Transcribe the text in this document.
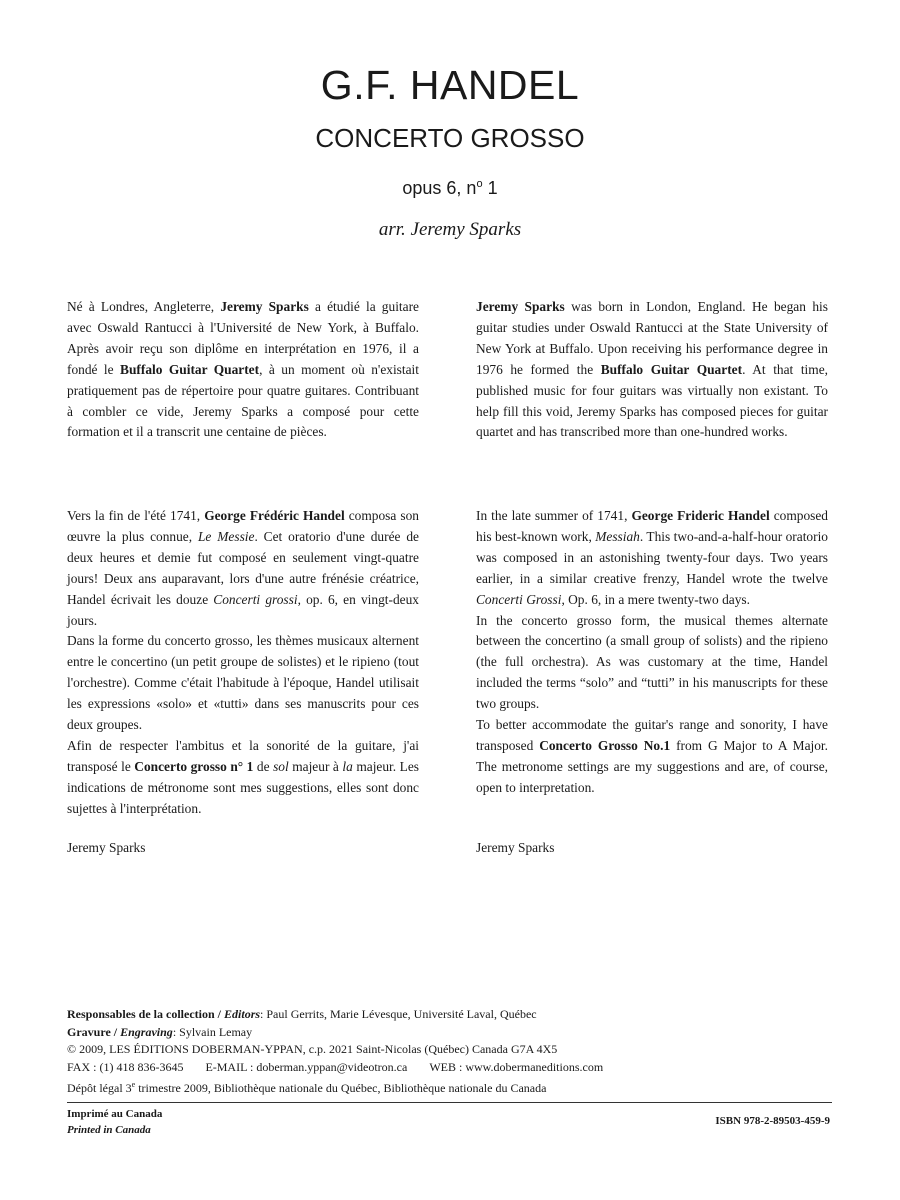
G.F. HANDEL
CONCERTO GROSSO
opus 6, $n^o$ 1
arr. Jeremy Sparks

Né à Londres, Angleterre, Jeremy Sparks a étudié la guitare avec Oswald Rantucci à l'Université de New York, à Buffalo. Après avoir reçu son diplôme en interprétation en 1976, il a fondé le Buffalo Guitar Quartet, à un moment où n'existait pratiquement pas de répertoire pour quatre guitares. Contribuant à combler ce vide, Jeremy Sparks a composé pour cette formation et il a transcrit une centaine de pièces.

Jeremy Sparks was born in London, England. He began his guitar studies under Oswald Rantucci at the State University of New York at Buffalo. Upon receiving his performance degree in 1976 he formed the Buffalo Guitar Quartet. At that time, published music for four guitars was virtually non existant. To help fill this void, Jeremy Sparks has composed pieces for guitar quartet and has transcribed more than one-hundred works.

Vers la fin de l'été 1741, George Frédéric Handel composa son œuvre la plus connue, Le Messie. Cet oratorio d'une durée de deux heures et demie fut composé en seulement vingt-quatre jours! Deux ans auparavant, lors d'une autre frénésie créatrice, Handel écrivait les douze Concerti grossi, op. 6, en vingt-deux jours.

Dans la forme du concerto grosso, les thèmes musicaux alternent entre le concertino (un petit groupe de solistes) et le ripieno (tout l'orchestre). Comme c'était l'habitude à l'époque, Handel utilisait les expressions «solo» et «tutti» dans ses manuscrits pour ces deux groupes.

Afin de respecter l'ambitus et la sonorité de la guitare, j'ai transposé le Concerto grosso n° 1 de sol majeur à la majeur. Les indications de métronome sont mes suggestions, elles sont donc sujettes à l'interprétation.

In the late summer of 1741, George Frideric Handel composed his best-known work, Messiah. This two-and-a-half-hour oratorio was composed in an astonishing twenty-four days. Two years earlier, in a similar creative frenzy, Handel wrote the twelve Concerti Grossi, Op. 6, in a mere twenty-two days.

In the concerto grosso form, the musical themes alternate between the concertino (a small group of solists) and the ripieno (the full orchestra). As was customary at the time, Handel included the terms “solo” and “tutti” in his manuscripts for these two groups.

To better accommodate the guitar's range and sonority, I have transposed Concerto Grosso No.1 from G Major to A Major. The metronome settings are my suggestions and are, of course, open to interpretation.

Jeremy Sparks	Jeremy Sparks
Responsables de la collection / Editors: Paul Gerrits, Marie Lévesque, Université Laval, Québec
Gravure / Engraving: Sylvain Lemay
© 2009, LES ÉDITIONS DOBERMAN-YPPAN, c.p. 2021 Saint-Nicolas (Québec) Canada G7A 4X5
FAX : (1) 418 836-3645 E-MAIL : doberman.yppan@videotron.ca WEB : www.dobermaneditions.com
Dépôt légal 3e trimestre 2009, Bibliothèque nationale du Québec, Bibliothèque nationale du Canada
Imprimé au Canada
Printed in Canada
ISBN 978-2-89503-459-9
